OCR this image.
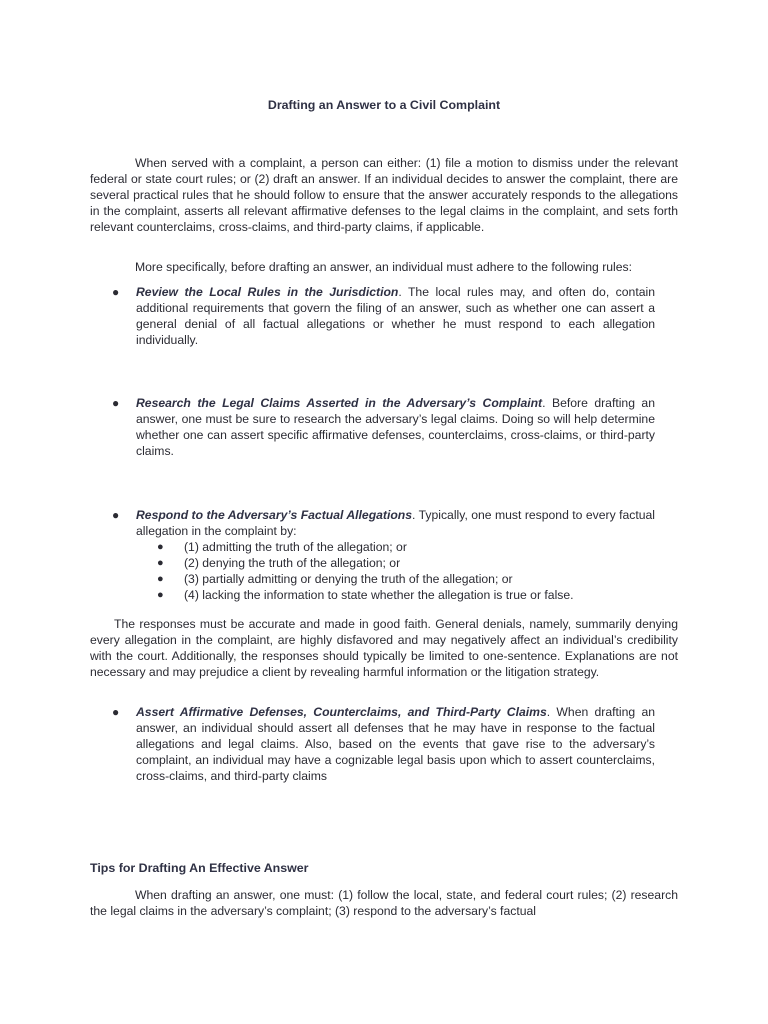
Drafting an Answer to a Civil Complaint

When served with a complaint, a person can either: (1) file a motion to dismiss under the relevant federal or state court rules; or (2) draft an answer. If an individual decides to answer the complaint, there are several practical rules that he should follow to ensure that the answer accurately responds to the allegations in the complaint, asserts all relevant affirmative defenses to the legal claims in the complaint, and sets forth relevant counterclaims, cross-claims, and third-party claims, if applicable.

More specifically, before drafting an answer, an individual must adhere to the following rules:

●	Review the Local Rules in the Jurisdiction. The local rules may, and often do, contain additional requirements that govern the filing of an answer, such as whether one can assert a general denial of all factual allegations or whether he must respond to each allegation individually.

●	Research the Legal Claims Asserted in the Adversary’s Complaint. Before drafting an answer, one must be sure to research the adversary’s legal claims. Doing so will help determine whether one can assert specific affirmative defenses, counterclaims, cross-claims, or third-party claims.

●	Respond to the Adversary’s Factual Allegations. Typically, one must respond to every factual allegation in the complaint by:

● (1) admitting the truth of the allegation; or
● (2) denying the truth of the allegation; or
● (3) partially admitting or denying the truth of the allegation; or
● (4) lacking the information to state whether the allegation is true or false.

The responses must be accurate and made in good faith. General denials, namely, summarily denying every allegation in the complaint, are highly disfavored and may negatively affect an individual’s credibility with the court. Additionally, the responses should typically be limited to one-sentence. Explanations are not necessary and may prejudice a client by revealing harmful information or the litigation strategy.

●	Assert Affirmative Defenses, Counterclaims, and Third-Party Claims. When drafting an answer, an individual should assert all defenses that he may have in response to the factual allegations and legal claims. Also, based on the events that gave rise to the adversary’s complaint, an individual may have a cognizable legal basis upon which to assert counterclaims, cross-claims, and third-party claims

Tips for Drafting An Effective Answer

When drafting an answer, one must: (1) follow the local, state, and federal court rules; (2) research the legal claims in the adversary’s complaint; (3) respond to the adversary’s factual
